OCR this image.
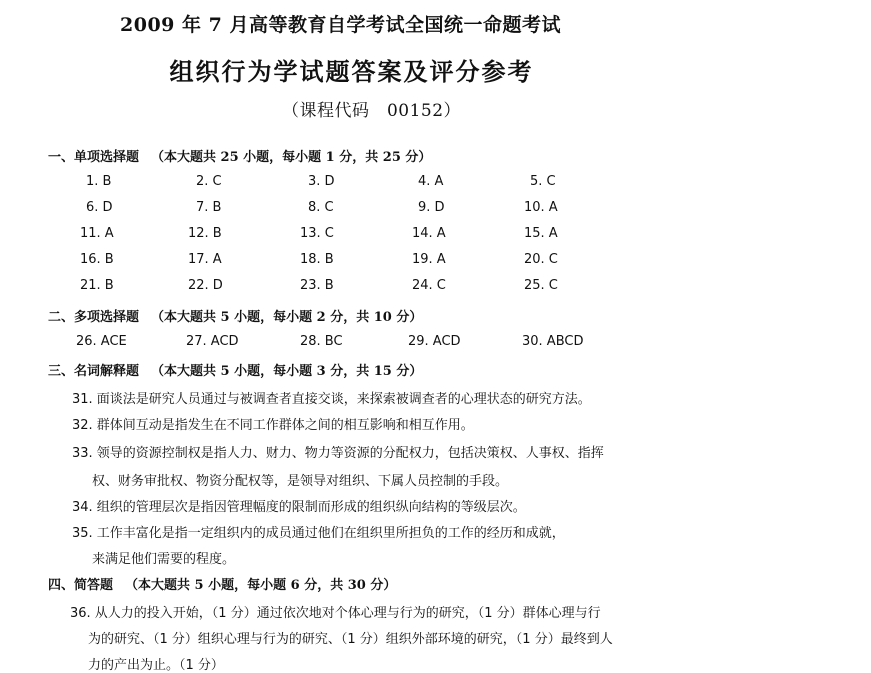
2009 年 7 月高等教育自学考试全国统一命题考试
组织行为学试题答案及评分参考
（课程代码　00152）
一、单项选择题 （本大题共 25 小题，每小题 1 分，共 25 分）
1. B	2. C	3. D	4. A	5. C
6. D	7. B	8. C	9. D	10. A
11. A	12. B	13. C	14. A	15. A
16. B	17. A	18. B	19. A	20. C
21. B	22. D	23. B	24. C	25. C
二、多项选择题 （本大题共 5 小题，每小题 2 分，共 10 分）
26. ACE	27. ACD	28. BC	29. ACD	30. ABCD
三、名词解释题 （本大题共 5 小题，每小题 3 分，共 15 分）
31. 面谈法是研究人员通过与被调查者直接交谈，来探索被调查者的心理状态的研究方法。
32. 群体间互动是指发生在不同工作群体之间的相互影响和相互作用。
33. 领导的资源控制权是指人力、财力、物力等资源的分配权力，包括决策权、人事权、指挥
权、财务审批权、物资分配权等，是领导对组织、下属人员控制的手段。
34. 组织的管理层次是指因管理幅度的限制而形成的组织纵向结构的等级层次。
35. 工作丰富化是指一定组织内的成员通过他们在组织里所担负的工作的经历和成就，
来满足他们需要的程度。
四、简答题 （本大题共 5 小题，每小题 6 分，共 30 分）
36. 从人力的投入开始，（1 分）通过依次地对个体心理与行为的研究，（1 分）群体心理与行
为的研究、（1 分）组织心理与行为的研究、（1 分）组织外部环境的研究，（1 分）最终到人
力的产出为止。（1 分）
